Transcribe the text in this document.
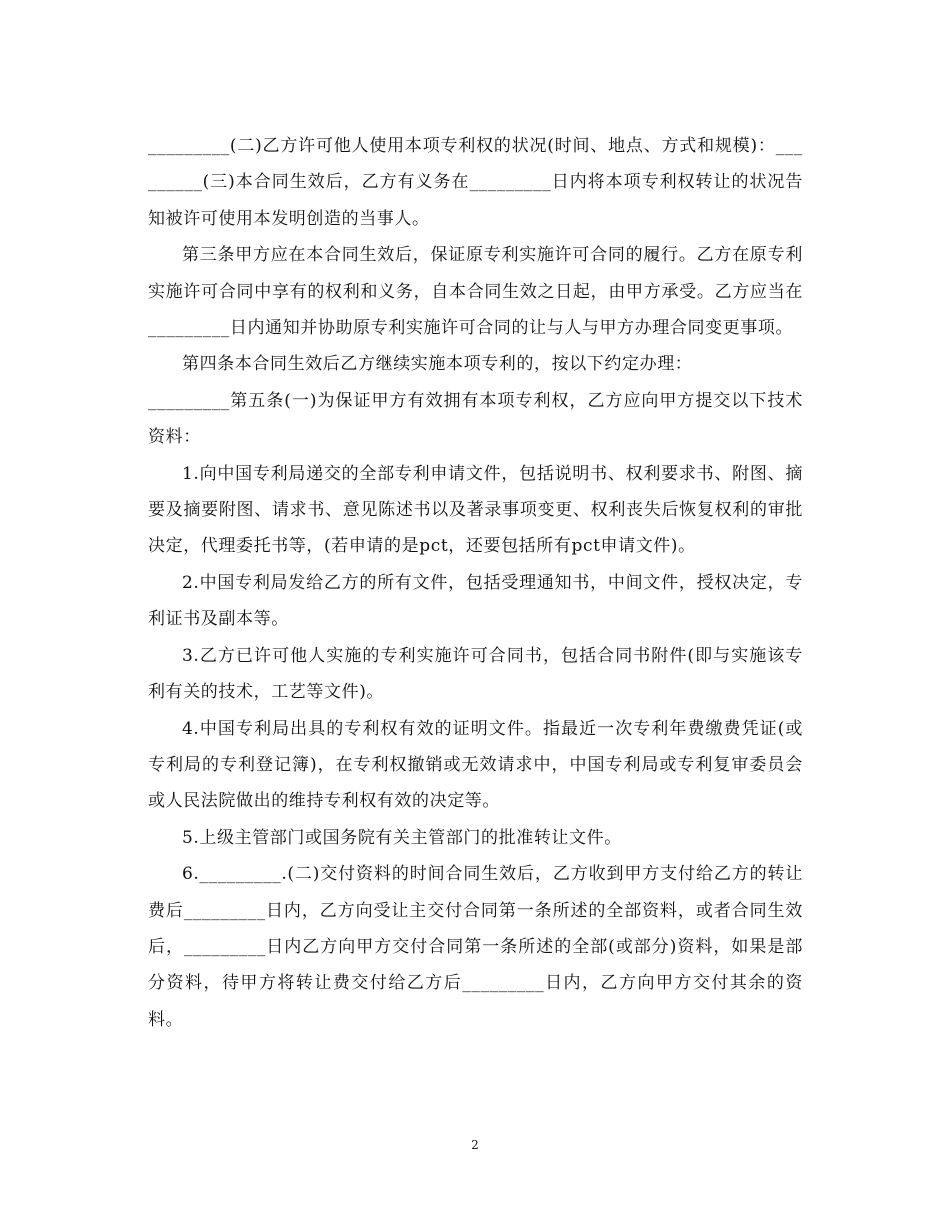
_________(二)乙方许可他人使用本项专利权的状况(时间、地点、方式和规模)：_________(三)本合同生效后，乙方有义务在_________日内将本项专利权转让的状况告知被许可使用本发明创造的当事人。

第三条甲方应在本合同生效后，保证原专利实施许可合同的履行。乙方在原专利实施许可合同中享有的权利和义务，自本合同生效之日起，由甲方承受。乙方应当在_________日内通知并协助原专利实施许可合同的让与人与甲方办理合同变更事项。

第四条本合同生效后乙方继续实施本项专利的，按以下约定办理：

_________第五条(一)为保证甲方有效拥有本项专利权，乙方应向甲方提交以下技术资料：

1.向中国专利局递交的全部专利申请文件，包括说明书、权利要求书、附图、摘要及摘要附图、请求书、意见陈述书以及著录事项变更、权利丧失后恢复权利的审批决定，代理委托书等，(若申请的是pct，还要包括所有pct申请文件)。

2.中国专利局发给乙方的所有文件，包括受理通知书，中间文件，授权决定，专利证书及副本等。

3.乙方已许可他人实施的专利实施许可合同书，包括合同书附件(即与实施该专利有关的技术，工艺等文件)。

4.中国专利局出具的专利权有效的证明文件。指最近一次专利年费缴费凭证(或专利局的专利登记簿)，在专利权撤销或无效请求中，中国专利局或专利复审委员会或人民法院做出的维持专利权有效的决定等。

5.上级主管部门或国务院有关主管部门的批准转让文件。

6._________.(二)交付资料的时间合同生效后，乙方收到甲方支付给乙方的转让费后_________日内，乙方向受让主交付合同第一条所述的全部资料，或者合同生效后，_________日内乙方向甲方交付合同第一条所述的全部(或部分)资料，如果是部分资料，待甲方将转让费交付给乙方后_________日内，乙方向甲方交付其余的资料。

2
